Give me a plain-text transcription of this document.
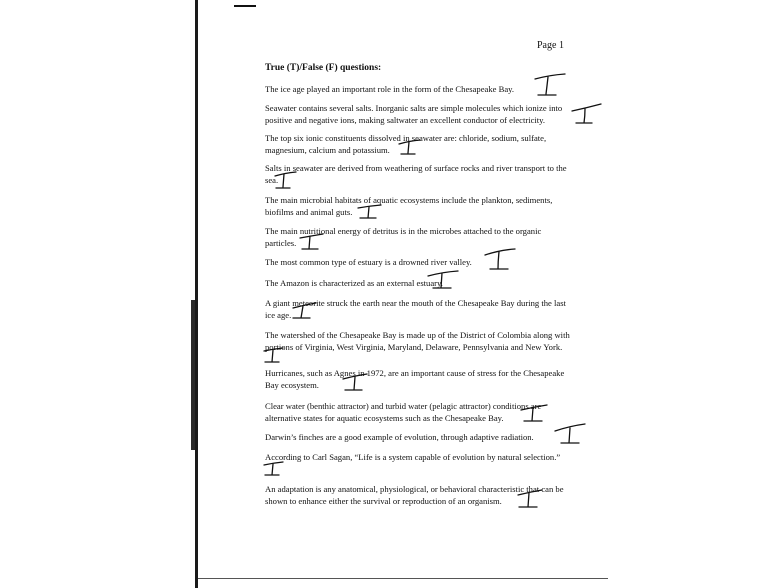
Page 1
True (T)/False (F) questions:
The ice age played an important role in the form of the Chesapeake Bay.
Seawater contains several salts. Inorganic salts are simple molecules which ionize into
positive and negative ions, making saltwater an excellent conductor of electricity.
The top six ionic constituents dissolved in seawater are: chloride, sodium, sulfate,
magnesium, calcium and potassium.
Salts in seawater are derived from weathering of surface rocks and river transport to the
sea.
The main microbial habitats of aquatic ecosystems include the plankton, sediments,
biofilms and animal guts.
The main nutritional energy of detritus is in the microbes attached to the organic
particles.
The most common type of estuary is a drowned river valley.
The Amazon is characterized as an external estuary.
A giant meteorite struck the earth near the mouth of the Chesapeake Bay during the last
ice age.
The watershed of the Chesapeake Bay is made up of the District of Colombia along with
portions of Virginia, West Virginia, Maryland, Delaware, Pennsylvania and New York.
Hurricanes, such as Agnes in 1972, are an important cause of stress for the Chesapeake
Bay ecosystem.
Clear water (benthic attractor) and turbid water (pelagic attractor) conditions are
alternative states for aquatic ecosystems such as the Chesapeake Bay.
Darwin’s finches are a good example of evolution, through adaptive radiation.
According to Carl Sagan, “Life is a system capable of evolution by natural selection.”
An adaptation is any anatomical, physiological, or behavioral characteristic that can be
shown to enhance either the survival or reproduction of an organism.
